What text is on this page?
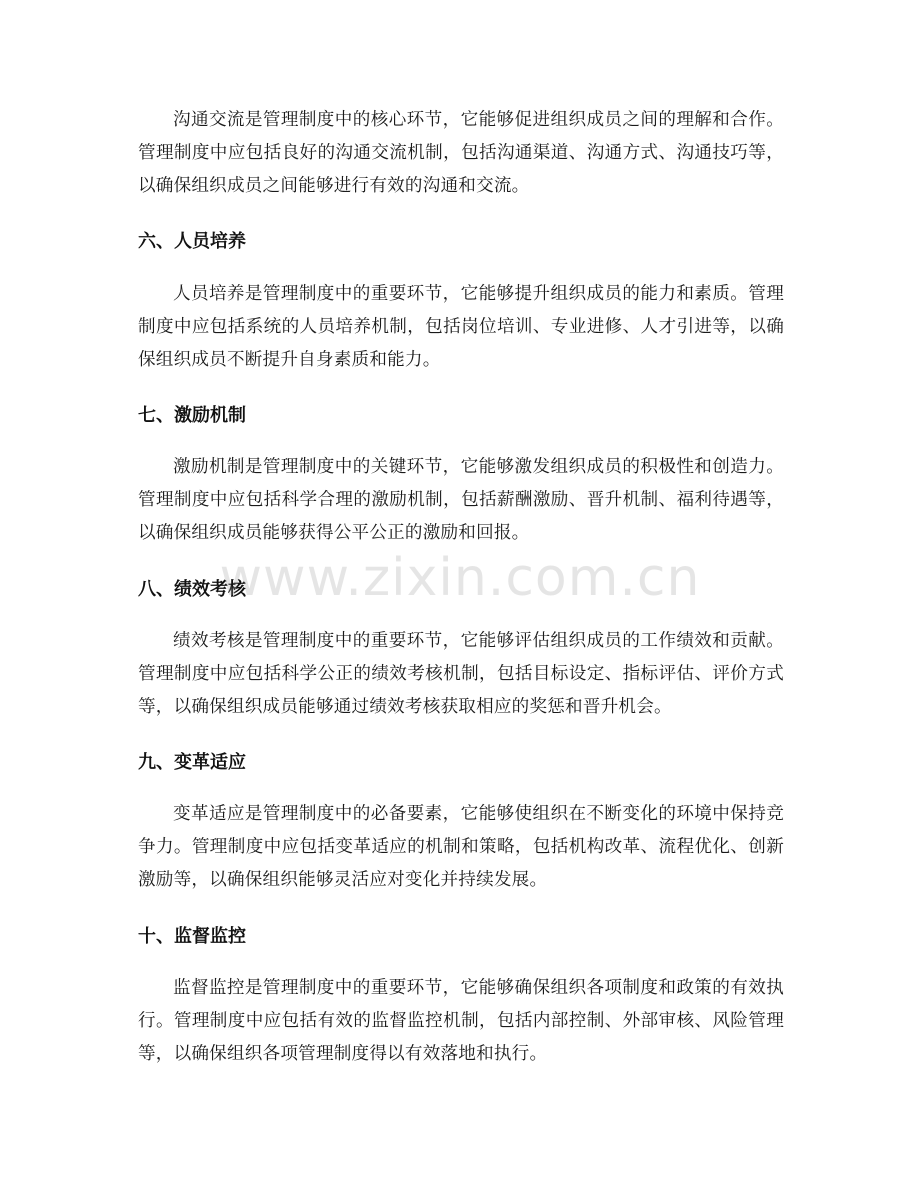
沟通交流是管理制度中的核心环节，它能够促进组织成员之间的理解和合作。管理制度中应包括良好的沟通交流机制，包括沟通渠道、沟通方式、沟通技巧等，以确保组织成员之间能够进行有效的沟通和交流。

六、人员培养

人员培养是管理制度中的重要环节，它能够提升组织成员的能力和素质。管理制度中应包括系统的人员培养机制，包括岗位培训、专业进修、人才引进等，以确保组织成员不断提升自身素质和能力。

七、激励机制

激励机制是管理制度中的关键环节，它能够激发组织成员的积极性和创造力。管理制度中应包括科学合理的激励机制，包括薪酬激励、晋升机制、福利待遇等，以确保组织成员能够获得公平公正的激励和回报。

八、绩效考核

绩效考核是管理制度中的重要环节，它能够评估组织成员的工作绩效和贡献。管理制度中应包括科学公正的绩效考核机制，包括目标设定、指标评估、评价方式等，以确保组织成员能够通过绩效考核获取相应的奖惩和晋升机会。

九、变革适应

变革适应是管理制度中的必备要素，它能够使组织在不断变化的环境中保持竞争力。管理制度中应包括变革适应的机制和策略，包括机构改革、流程优化、创新激励等，以确保组织能够灵活应对变化并持续发展。

十、监督监控

监督监控是管理制度中的重要环节，它能够确保组织各项制度和政策的有效执行。管理制度中应包括有效的监督监控机制，包括内部控制、外部审核、风险管理等，以确保组织各项管理制度得以有效落地和执行。

www.zixin.com.cn
